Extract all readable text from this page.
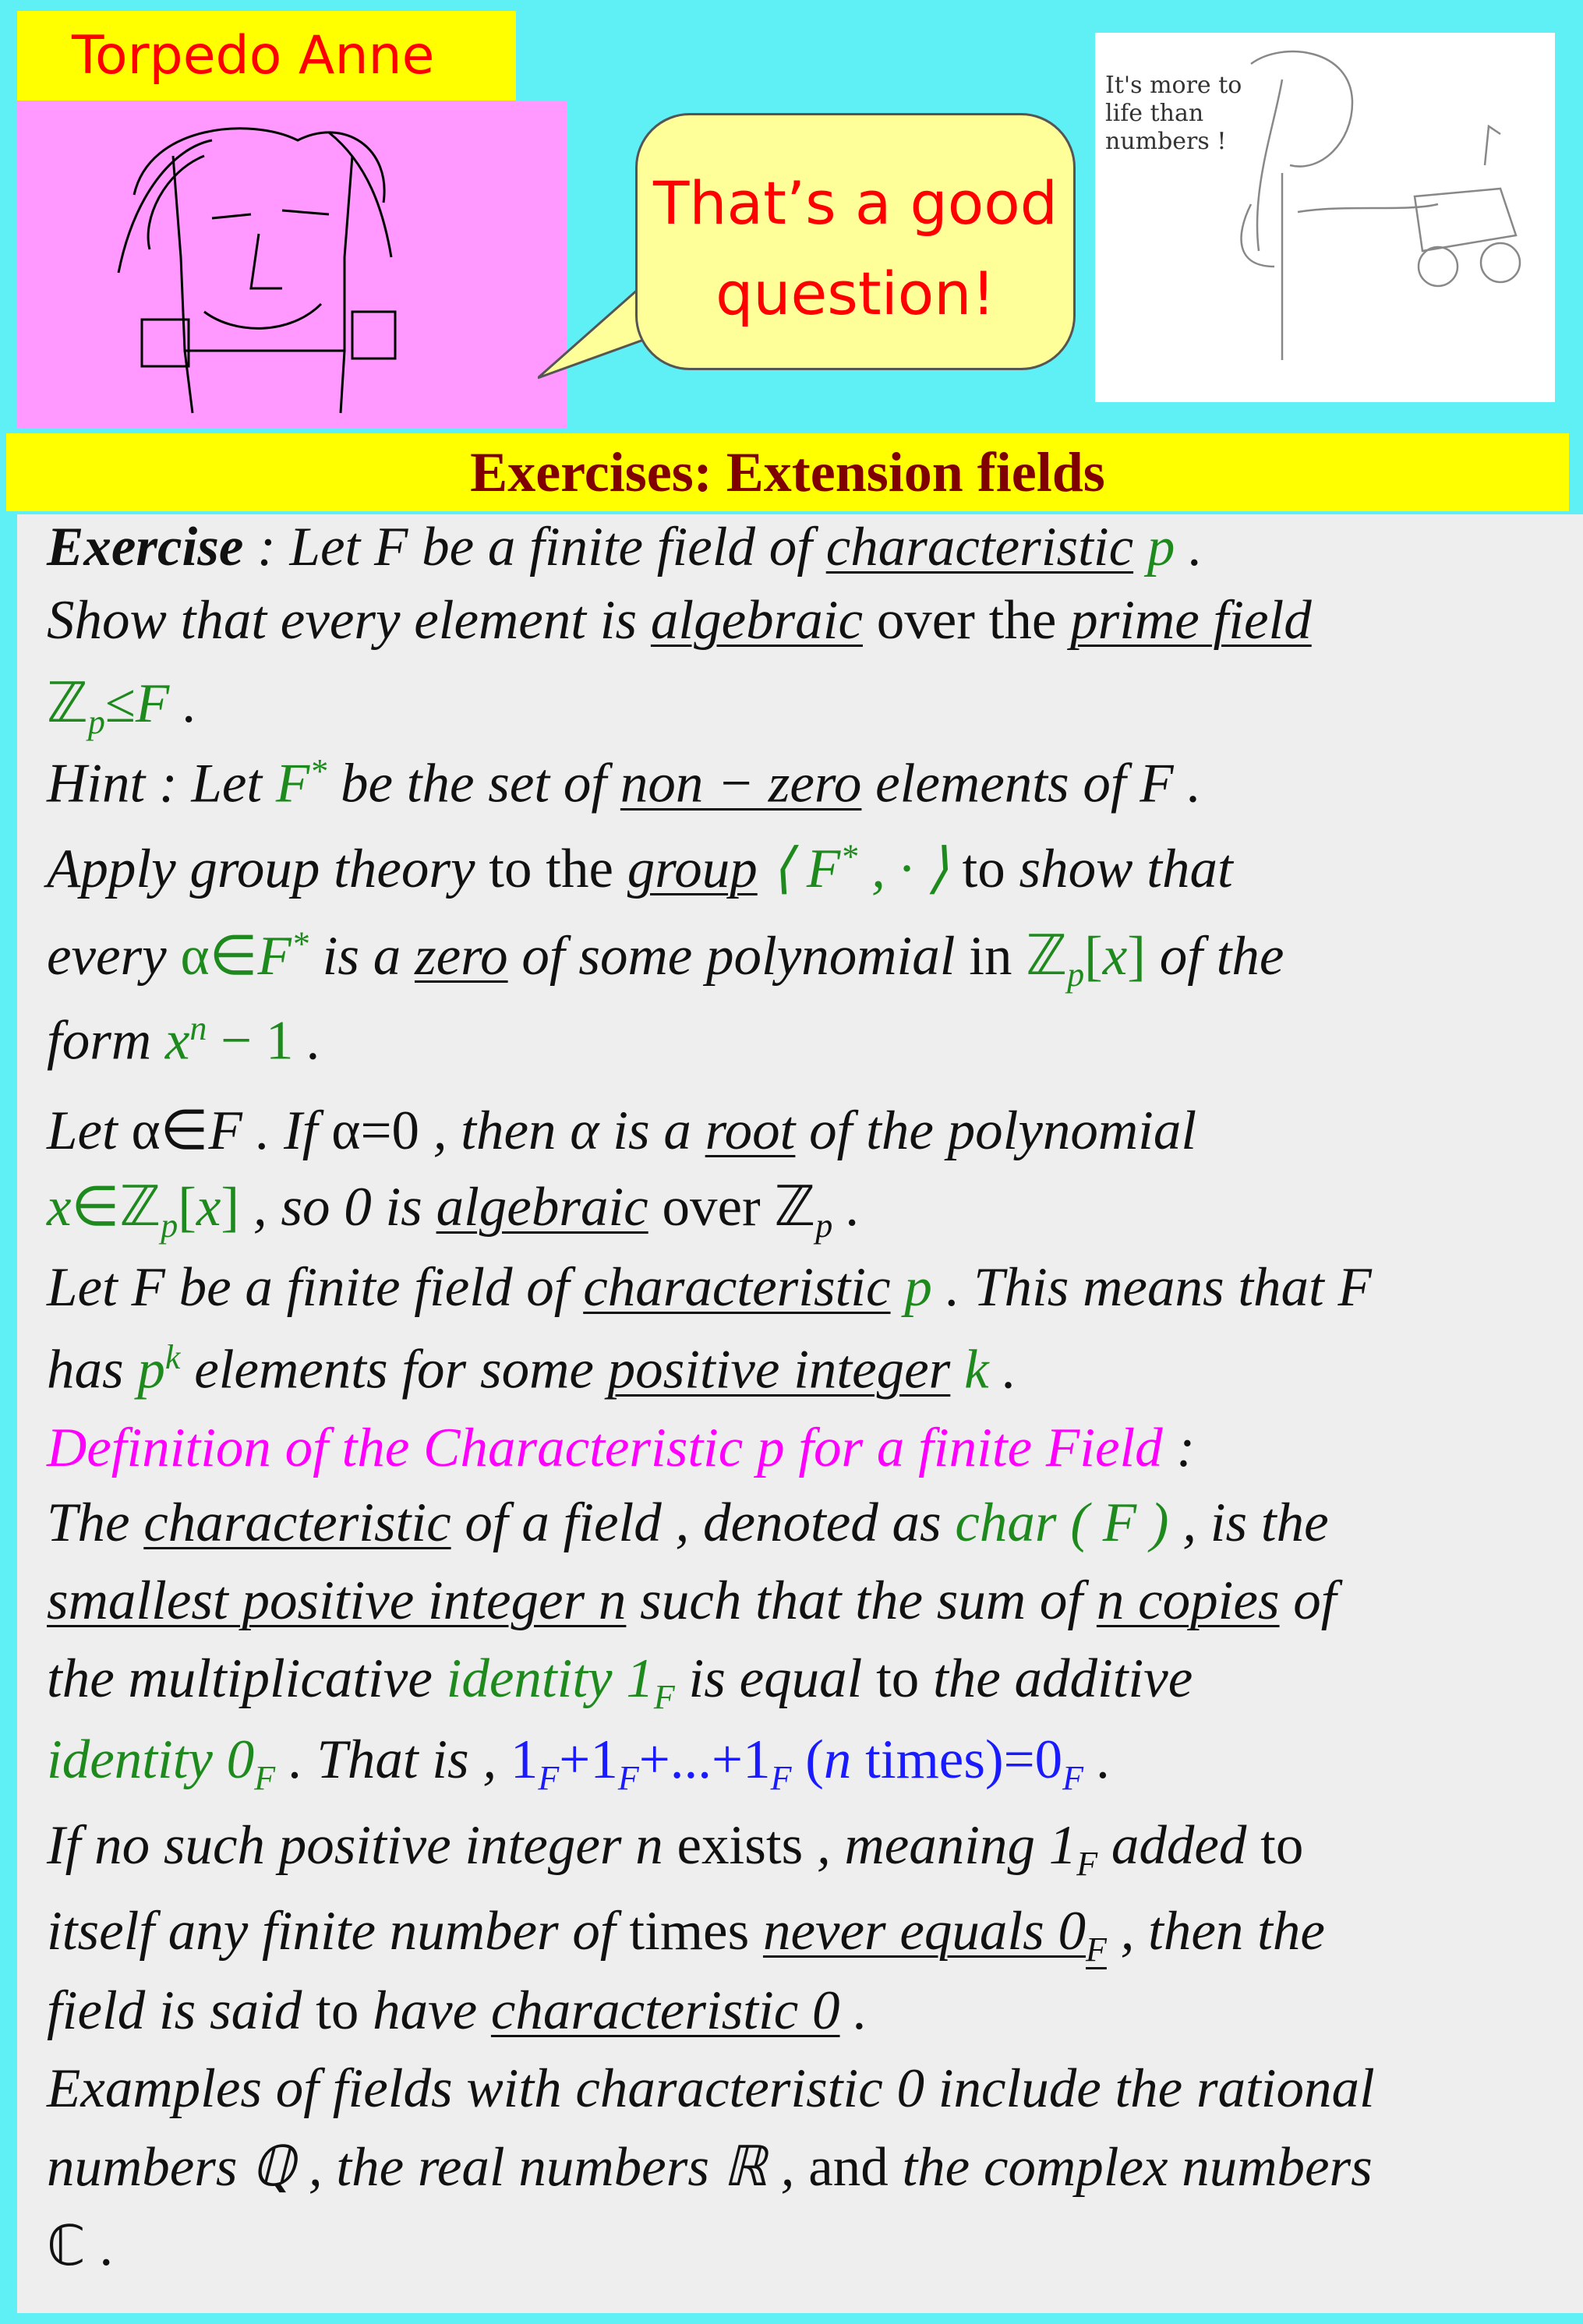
Torpedo Anne
That’s a good question!
It's more to
life than
numbers !
Exercises: Extension fields
Exercise : Let F be a finite field of characteristic p .
Show that every element is algebraic over the prime field
ℤ$_p$≤F .
Hint : Let F* be the set of non − zero elements of F .
Apply group theory to the group ⟨ F* , · ⟩ to show that
every α∈F* is a zero of some polynomial in ℤ$_p$[x] of the
form $x^n - 1$ .
Let α∈F . If α=0 , then α is a root of the polynomial
x∈ℤ$_p$[x] , so 0 is algebraic over ℤ$_p$ .
Let F be a finite field of characteristic p . This means that F
has $p^k$ elements for some positive integer k .
Definition of the Characteristic p for a finite Field :
The characteristic of a field , denoted as char ( F ) , is the
smallest positive integer n such that the sum of n copies of
the multiplicative identity $1_F$ is equal to the additive
identity $0_F$ . That is , $1_F+1_F+...+1_F$ (n $times)=0_F$ .
If no such positive integer n exists , meaning $1_F$ added to
itself any finite number of times never equals $0_F$ , then the
field is said to have characteristic 0 .
Examples of fields with characteristic 0 include the rational
numbers ℚ , the real numbers ℝ , and the complex numbers
ℂ .
